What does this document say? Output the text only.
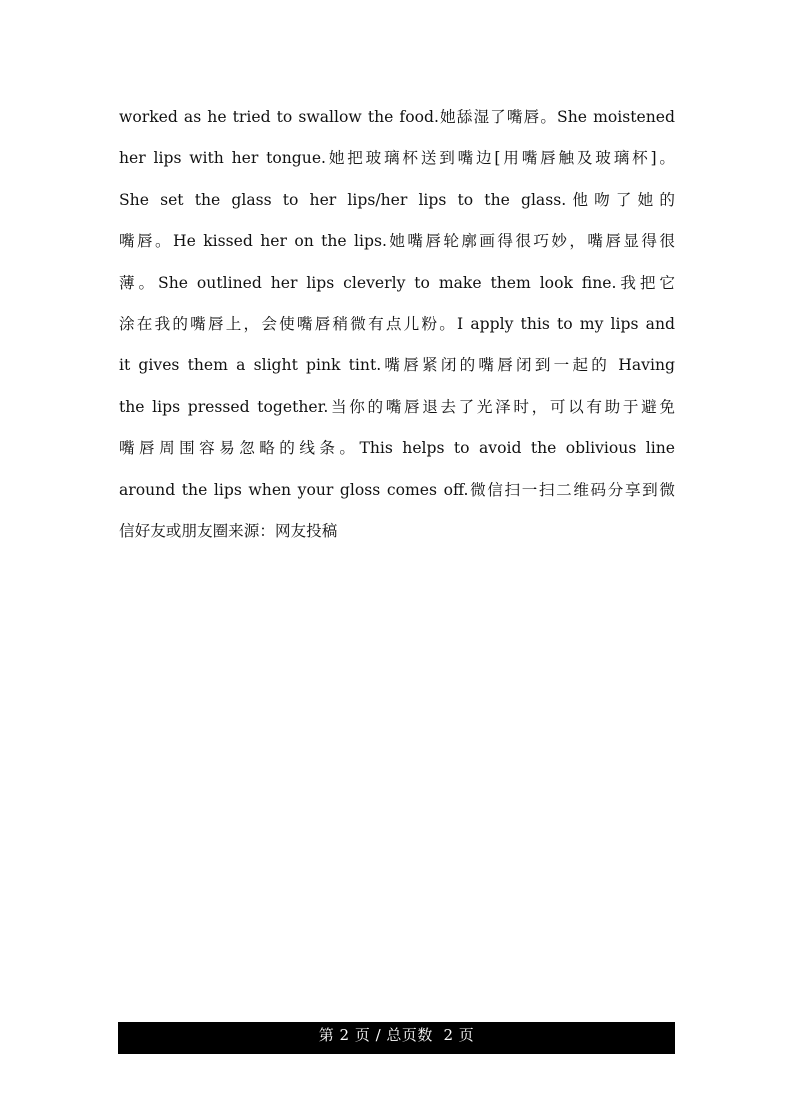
worked as he tried to swallow the food.她舔湿了嘴唇。She moistened
her lips with her tongue.她把玻璃杯送到嘴边[用嘴唇触及玻璃杯]。
She set the glass to her lips/her lips to the glass.他吻了她的
嘴唇。He kissed her on the lips.她嘴唇轮廓画得很巧妙，嘴唇显得很
薄。She outlined her lips cleverly to make them look fine.我把它
涂在我的嘴唇上，会使嘴唇稍微有点儿粉。I apply this to my lips and
it gives them a slight pink tint.嘴唇紧闭的嘴唇闭到一起的 Having
the lips pressed together.当你的嘴唇退去了光泽时，可以有助于避免
嘴唇周围容易忽略的线条。This helps to avoid the oblivious line
around the lips when your gloss comes off.微信扫一扫二维码分享到微
信好友或朋友圈来源：网友投稿
第 2 页 / 总页数  2 页
